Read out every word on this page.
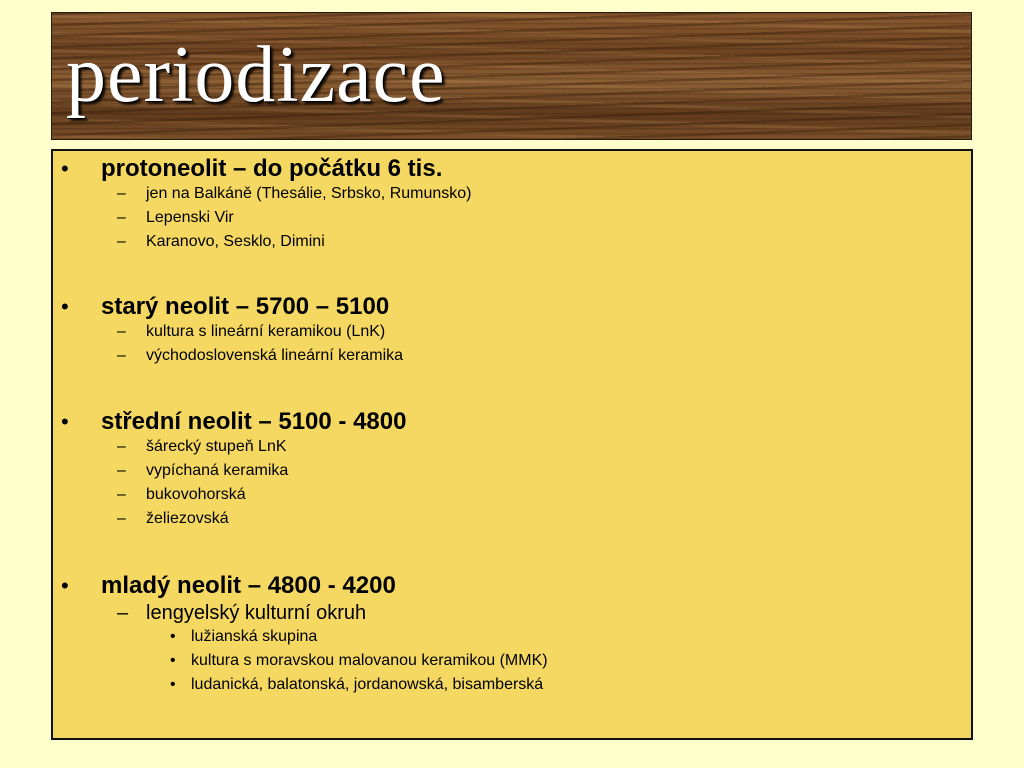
periodizace
• protoneolit – do počátku 6 tis.
– jen na Balkáně (Thesálie, Srbsko, Rumunsko)
– Lepenski Vir
– Karanovo, Sesklo, Dimini
• starý neolit – 5700 – 5100
– kultura s lineární keramikou (LnK)
– východoslovenská lineární keramika
• střední neolit – 5100 - 4800
– šárecký stupeň LnK
– vypíchaná keramika
– bukovohorská
– želiezovská
• mladý neolit – 4800 - 4200
– lengyelský kulturní okruh
• lužianská skupina
• kultura s moravskou malovanou keramikou (MMK)
• ludanická, balatonská, jordanowská, bisamberská
